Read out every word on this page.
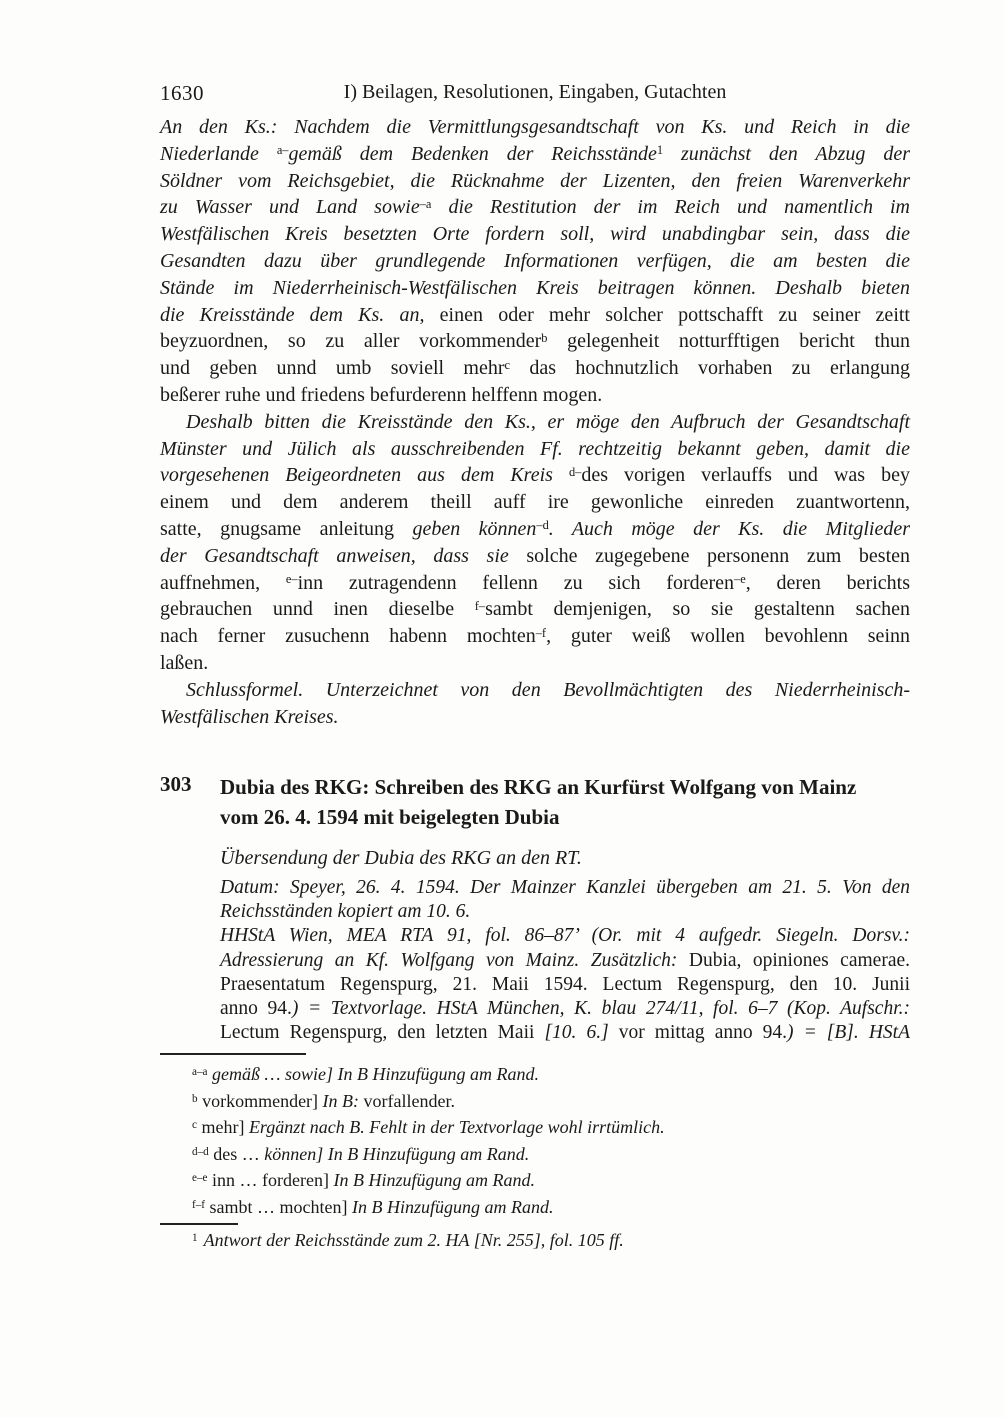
1630	I) Beilagen, Resolutionen, Eingaben, Gutachten
An den Ks.: Nachdem die Vermittlungsgesandtschaft von Ks. und Reich in die
Niederlande $^{a-}$gemäß dem Bedenken der Reichsstände$^1$ zunächst den Abzug der
Söldner vom Reichsgebiet, die Rücknahme der Lizenten, den freien Warenverkehr
zu Wasser und Land sowie$^{-a}$ die Restitution der im Reich und namentlich im
Westfälischen Kreis besetzten Orte fordern soll, wird unabdingbar sein, dass die
Gesandten dazu über grundlegende Informationen verfügen, die am besten die
Stände im Niederrheinisch-Westfälischen Kreis beitragen können. Deshalb bieten
die Kreisstände dem Ks. an, einen oder mehr solcher pottschafft zu seiner zeitt
beyzuordnen, so zu aller vorkommender$^b$ gelegenheit notturfftigen bericht thun
und geben unnd umb soviell mehr$^c$ das hochnutzlich vorhaben zu erlangung
beßerer ruhe und friedens befurderenn helffenn mogen.
Deshalb bitten die Kreisstände den Ks., er möge den Aufbruch der Gesandtschaft
Münster und Jülich als ausschreibenden Ff. rechtzeitig bekannt geben, damit die
vorgesehenen Beigeordneten aus dem Kreis $^{d-}$des vorigen verlauffs und was bey
einem und dem anderem theill auff ire gewonliche einreden zuantwortenn,
satte, gnugsame anleitung geben können$^{-d}$. Auch möge der Ks. die Mitglieder
der Gesandtschaft anweisen, dass sie solche zugegebene personenn zum besten
auffnehmen, $^{e-}$inn zutragendenn fellenn zu sich forderen$^{-e}$, deren berichts
gebrauchen unnd inen dieselbe $^{f-}$sambt demjenigen, so sie gestaltenn sachen
nach ferner zusuchenn habenn mochten$^{-f}$, guter weiß wollen bevohlenn seinn
laßen.
Schlussformel. Unterzeichnet von den Bevollmächtigten des Niederrheinisch-
Westfälischen Kreises.
303 Dubia des RKG: Schreiben des RKG an Kurfürst Wolfgang von Mainz
vom 26. 4. 1594 mit beigelegten Dubia
Übersendung der Dubia des RKG an den RT.
Datum: Speyer, 26. 4. 1594. Der Mainzer Kanzlei übergeben am 21. 5. Von den
Reichsständen kopiert am 10. 6.
HHStA Wien, MEA RTA 91, fol. 86–87’ (Or. mit 4 aufgedr. Siegeln. Dorsv.:
Adressierung an Kf. Wolfgang von Mainz. Zusätzlich: Dubia, opiniones camerae.
Praesentatum Regenspurg, 21. Maii 1594. Lectum Regenspurg, den 10. Junii
anno 94.) = Textvorlage. HStA München, K. blau 274/11, fol. 6–7 (Kop. Aufschr.:
Lectum Regenspurg, den letzten Maii [10. 6.] vor mittag anno 94.) = [B]. HStA
$^{a-a}$ gemäß … sowie] In B Hinzufügung am Rand.
$^b$ vorkommender] In B: vorfallender.
$^c$ mehr] Ergänzt nach B. Fehlt in der Textvorlage wohl irrtümlich.
$^{d-d}$ des … können] In B Hinzufügung am Rand.
$^{e-e}$ inn … forderen] In B Hinzufügung am Rand.
$^{f-f}$ sambt … mochten] In B Hinzufügung am Rand.
$^1$ Antwort der Reichsstände zum 2. HA [Nr. 255], fol. 105 ff.
